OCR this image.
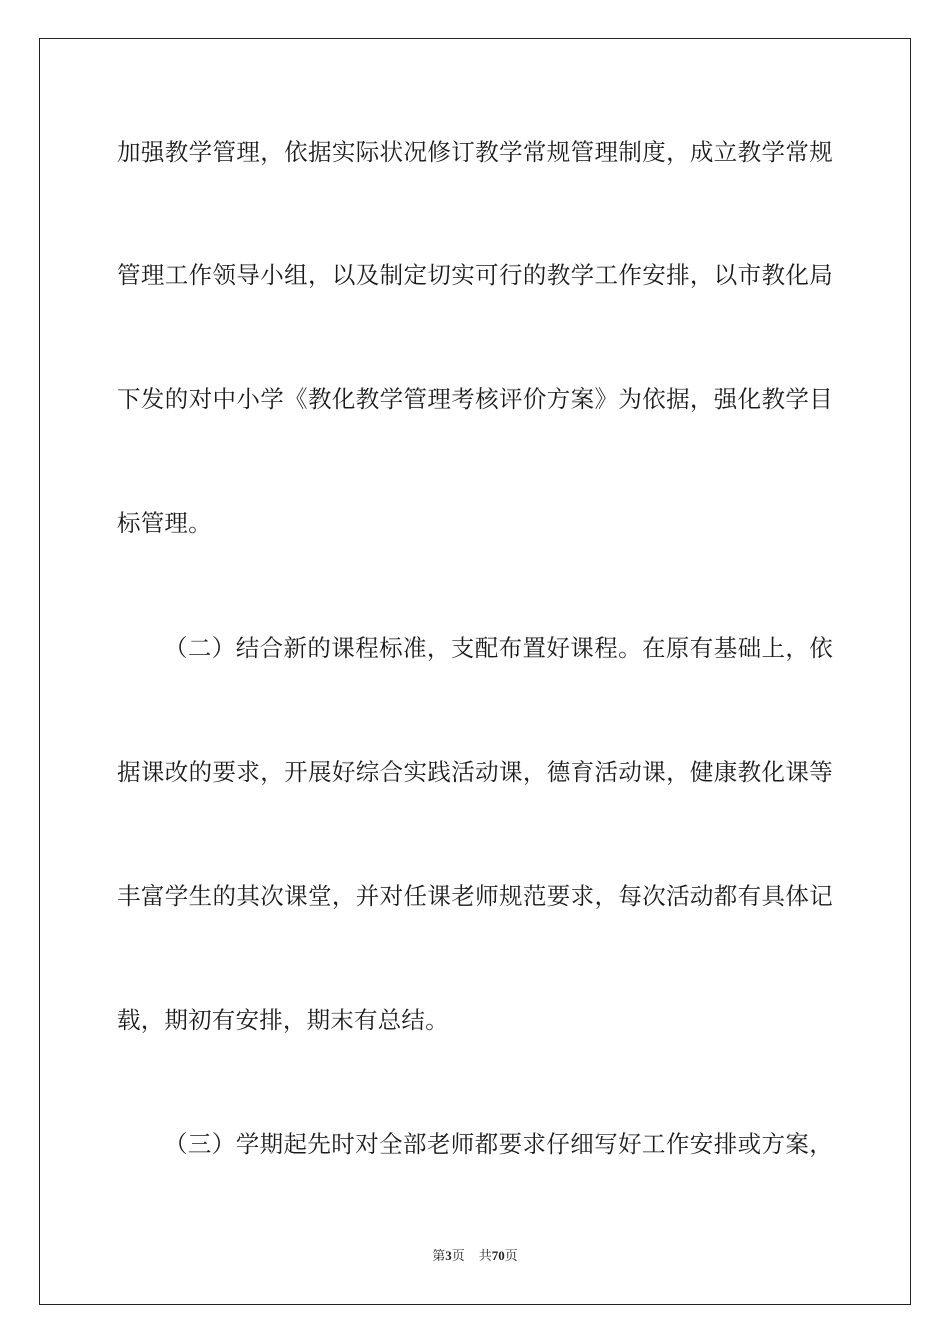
加强教学管理，依据实际状况修订教学常规管理制度，成立教学常规
管理工作领导小组，以及制定切实可行的教学工作安排，以市教化局
下发的对中小学《教化教学管理考核评价方案》为依据，强化教学目
标管理。
（二）结合新的课程标准，支配布置好课程。在原有基础上，依
据课改的要求，开展好综合实践活动课，德育活动课，健康教化课等
丰富学生的其次课堂，并对任课老师规范要求，每次活动都有具体记
载，期初有安排，期末有总结。
（三）学期起先时对全部老师都要求仔细写好工作安排或方案，
第3页 共70页
